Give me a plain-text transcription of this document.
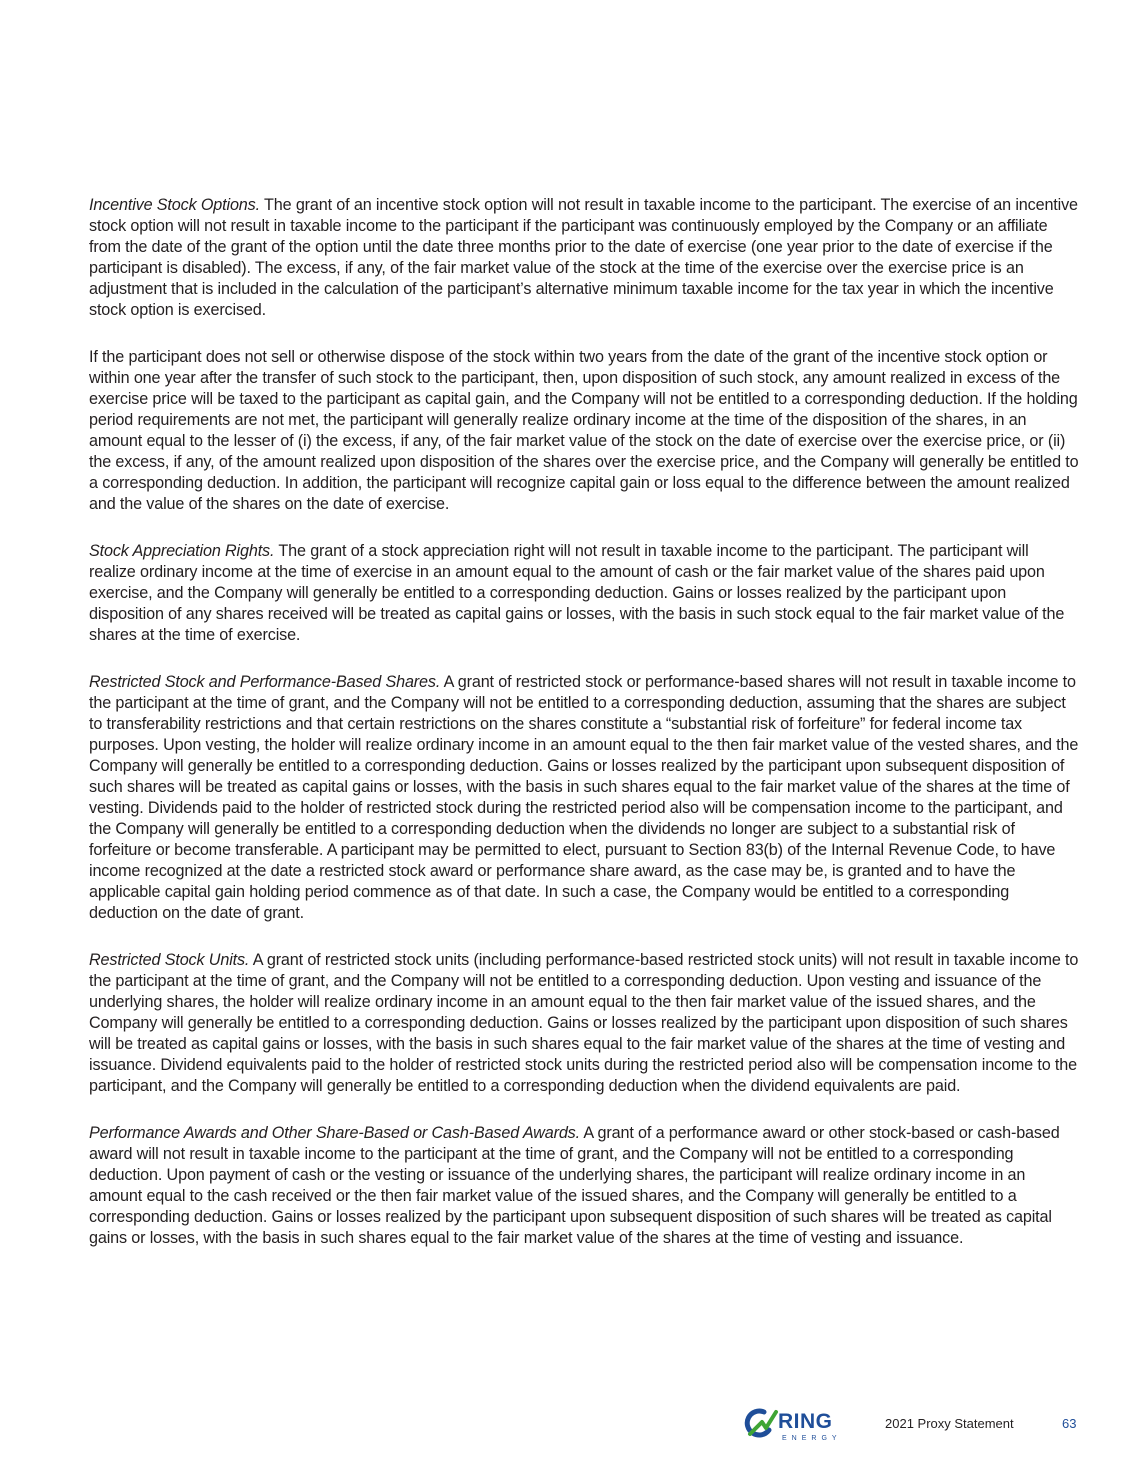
Incentive Stock Options. The grant of an incentive stock option will not result in taxable income to the participant. The exercise of an incentive stock option will not result in taxable income to the participant if the participant was continuously employed by the Company or an affiliate from the date of the grant of the option until the date three months prior to the date of exercise (one year prior to the date of exercise if the participant is disabled). The excess, if any, of the fair market value of the stock at the time of the exercise over the exercise price is an adjustment that is included in the calculation of the participant’s alternative minimum taxable income for the tax year in which the incentive stock option is exercised.

If the participant does not sell or otherwise dispose of the stock within two years from the date of the grant of the incentive stock option or within one year after the transfer of such stock to the participant, then, upon disposition of such stock, any amount realized in excess of the exercise price will be taxed to the participant as capital gain, and the Company will not be entitled to a corresponding deduction. If the holding period requirements are not met, the participant will generally realize ordinary income at the time of the disposition of the shares, in an amount equal to the lesser of (i) the excess, if any, of the fair market value of the stock on the date of exercise over the exercise price, or (ii) the excess, if any, of the amount realized upon disposition of the shares over the exercise price, and the Company will generally be entitled to a corresponding deduction. In addition, the participant will recognize capital gain or loss equal to the difference between the amount realized and the value of the shares on the date of exercise.

Stock Appreciation Rights. The grant of a stock appreciation right will not result in taxable income to the participant. The participant will realize ordinary income at the time of exercise in an amount equal to the amount of cash or the fair market value of the shares paid upon exercise, and the Company will generally be entitled to a corresponding deduction. Gains or losses realized by the participant upon disposition of any shares received will be treated as capital gains or losses, with the basis in such stock equal to the fair market value of the shares at the time of exercise.

Restricted Stock and Performance-Based Shares. A grant of restricted stock or performance-based shares will not result in taxable income to the participant at the time of grant, and the Company will not be entitled to a corresponding deduction, assuming that the shares are subject to transferability restrictions and that certain restrictions on the shares constitute a “substantial risk of forfeiture” for federal income tax purposes. Upon vesting, the holder will realize ordinary income in an amount equal to the then fair market value of the vested shares, and the Company will generally be entitled to a corresponding deduction. Gains or losses realized by the participant upon subsequent disposition of such shares will be treated as capital gains or losses, with the basis in such shares equal to the fair market value of the shares at the time of vesting. Dividends paid to the holder of restricted stock during the restricted period also will be compensation income to the participant, and the Company will generally be entitled to a corresponding deduction when the dividends no longer are subject to a substantial risk of forfeiture or become transferable. A participant may be permitted to elect, pursuant to Section 83(b) of the Internal Revenue Code, to have income recognized at the date a restricted stock award or performance share award, as the case may be, is granted and to have the applicable capital gain holding period commence as of that date. In such a case, the Company would be entitled to a corresponding deduction on the date of grant.

Restricted Stock Units. A grant of restricted stock units (including performance-based restricted stock units) will not result in taxable income to the participant at the time of grant, and the Company will not be entitled to a corresponding deduction. Upon vesting and issuance of the underlying shares, the holder will realize ordinary income in an amount equal to the then fair market value of the issued shares, and the Company will generally be entitled to a corresponding deduction. Gains or losses realized by the participant upon disposition of such shares will be treated as capital gains or losses, with the basis in such shares equal to the fair market value of the shares at the time of vesting and issuance. Dividend equivalents paid to the holder of restricted stock units during the restricted period also will be compensation income to the participant, and the Company will generally be entitled to a corresponding deduction when the dividend equivalents are paid.

Performance Awards and Other Share-Based or Cash-Based Awards. A grant of a performance award or other stock-based or cash-based award will not result in taxable income to the participant at the time of grant, and the Company will not be entitled to a corresponding deduction. Upon payment of cash or the vesting or issuance of the underlying shares, the participant will realize ordinary income in an amount equal to the cash received or the then fair market value of the issued shares, and the Company will generally be entitled to a corresponding deduction. Gains or losses realized by the participant upon subsequent disposition of such shares will be treated as capital gains or losses, with the basis in such shares equal to the fair market value of the shares at the time of vesting and issuance.

RING
ENERGY
2021 Proxy Statement	63
